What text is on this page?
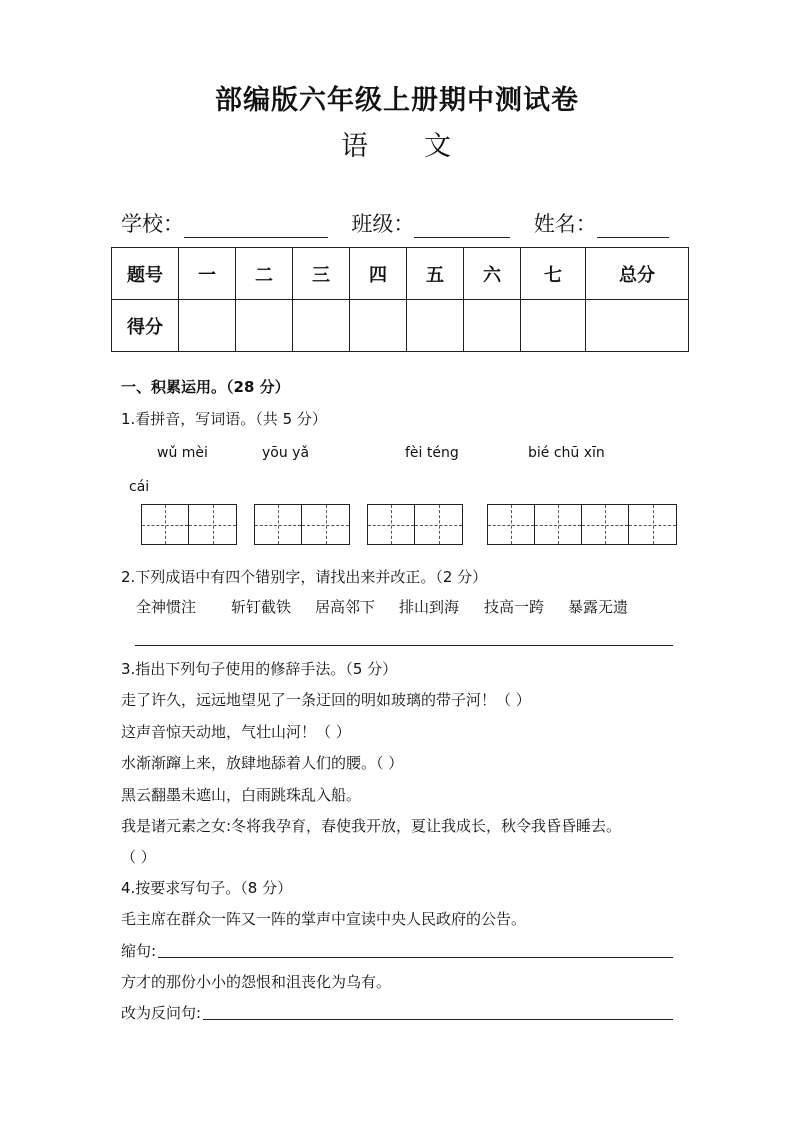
部编版六年级上册期中测试卷
语 文
学校：	班级：	姓名：
题号	一	二	三	四	五	六	七	总分
得分								
一、积累运用。（28 分）
1.看拼音，写词语。（共 5 分）
wǔ mèi	yōu yǎ	fèi téng	bié chū xīn
cái
2.下列成语中有四个错别字，请找出来并改正。（2 分）
全神惯注 斩钉截铁 居高邻下 排山到海 技高一跨 暴露无遗
3.指出下列句子使用的修辞手法。（5 分）
走了许久，远远地望见了一条迂回的明如玻璃的带子河！（ ）
这声音惊天动地，气壮山河！（ ）
水渐渐蹿上来，放肆地舔着人们的腰。（ ）
黑云翻墨未遮山，白雨跳珠乱入船。
我是诸元素之女:冬将我孕育，春使我开放，夏让我成长，秋令我昏昏睡去。
（ ）
4.按要求写句子。（8 分）
毛主席在群众一阵又一阵的掌声中宣读中央人民政府的公告。
缩句:
方才的那份小小的怨恨和沮丧化为乌有。
改为反问句:
